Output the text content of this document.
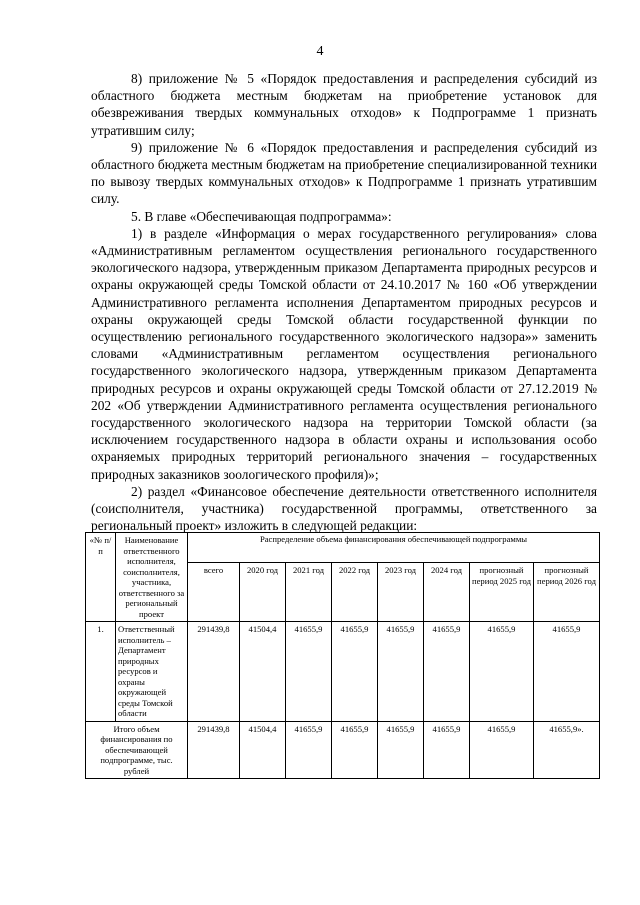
4

8) приложение № 5 «Порядок предоставления и распределения субсидий из областного бюджета местным бюджетам на приобретение установок для обезвреживания твердых коммунальных отходов» к Подпрограмме 1 признать утратившим силу;

9) приложение № 6 «Порядок предоставления и распределения субсидий из областного бюджета местным бюджетам на приобретение специализированной техники по вывозу твердых коммунальных отходов» к Подпрограмме 1 признать утратившим силу.

5. В главе «Обеспечивающая подпрограмма»:

1) в разделе «Информация о мерах государственного регулирования» слова «Административным регламентом осуществления регионального государственного экологического надзора, утвержденным приказом Департамента природных ресурсов и охраны окружающей среды Томской области от 24.10.2017 № 160 «Об утверждении Административного регламента исполнения Департаментом природных ресурсов и охраны окружающей среды Томской области государственной функции по осуществлению регионального государственного экологического надзора»» заменить словами «Административным регламентом осуществления регионального государственного экологического надзора, утвержденным приказом Департамента природных ресурсов и охраны окружающей среды Томской области от 27.12.2019 № 202 «Об утверждении Административного регламента осуществления регионального государственного экологического надзора на территории Томской области (за исключением государственного надзора в области охраны и использования особо охраняемых природных территорий регионального значения – государственных природных заказников зоологического профиля)»;

2) раздел «Финансовое обеспечение деятельности ответственного исполнителя (соисполнителя, участника) государственной программы, ответственного за региональный проект» изложить в следующей редакции:

«№ п/п	Наименование ответственного исполнителя, соисполнителя, участника, ответственного за региональный проект	Распределение объема финансирования обеспечивающей подпрограммы							
		всего	2020 год	2021 год	2022 год	2023 год	2024 год	прогнозный период 2025 год	прогнозный период 2026 год
1.	Ответственный исполнитель – Департамент природных ресурсов и охраны окружающей среды Томской области	291439,8	41504,4	41655,9	41655,9	41655,9	41655,9	41655,9	41655,9
Итого объем финансирования по обеспечивающей подпрограмме, тыс. рублей		291439,8	41504,4	41655,9	41655,9	41655,9	41655,9	41655,9	41655,9».
